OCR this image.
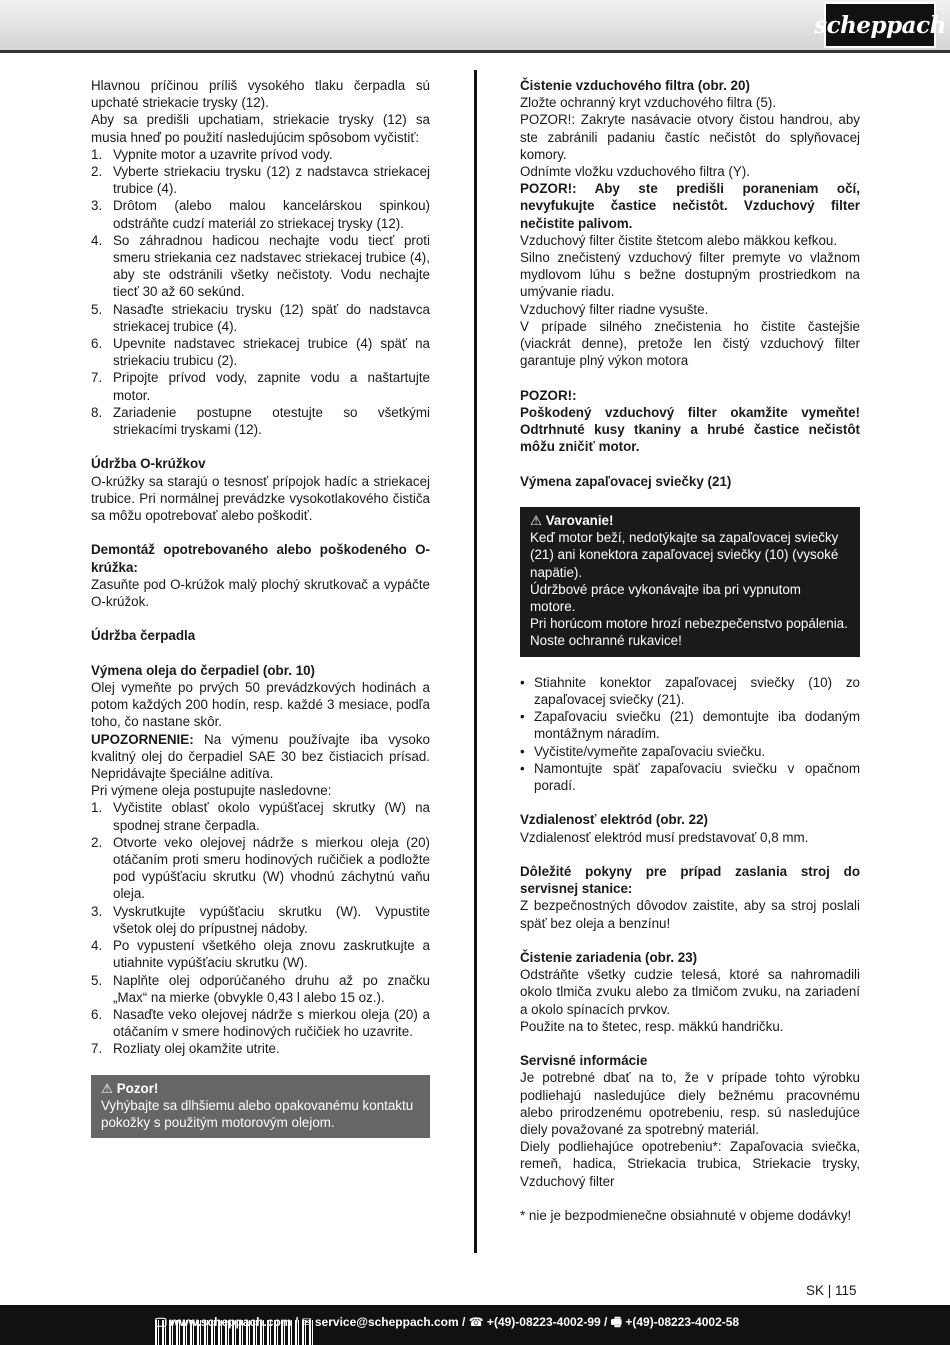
scheppach

Hlavnou príčinou príliš vysokého tlaku čerpadla sú upchaté striekacie trysky (12).

Aby sa predišli upchatiam, striekacie trysky (12) sa musia hneď po použití nasledujúcim spôsobom vyčistiť:

1. Vypnite motor a uzavrite prívod vody.
2. Vyberte striekaciu trysku (12) z nadstavca striekacej trubice (4).
3. Drôtom (alebo malou kancelárskou spinkou) odstráňte cudzí materiál zo striekacej trysky (12).
4. So záhradnou hadicou nechajte vodu tiecť proti smeru striekania cez nadstavec striekacej trubice (4), aby ste odstránili všetky nečistoty. Vodu nechajte tiecť 30 až 60 sekúnd.
5. Nasaďte striekaciu trysku (12) späť do nadstavca striekacej trubice (4).
6. Upevnite nadstavec striekacej trubice (4) späť na striekaciu trubicu (2).
7. Pripojte prívod vody, zapnite vodu a naštartujte motor.
8. Zariadenie postupne otestujte so všetkými striekacími tryskami (12).

Údržba O-krúžkov

O-krúžky sa starajú o tesnosť prípojok hadíc a striekacej trubice. Pri normálnej prevádzke vysokotlakového čističa sa môžu opotrebovať alebo poškodiť.

Demontáž opotrebovaného alebo poškodeného O-krúžka:

Zasuňte pod O-krúžok malý plochý skrutkovač a vypáčte O-krúžok.

Údržba čerpadla

Výmena oleja do čerpadiel (obr. 10)

Olej vymeňte po prvých 50 prevádzkových hodinách a potom každých 200 hodín, resp. každé 3 mesiace, podľa toho, čo nastane skôr.

UPOZORNENIE: Na výmenu používajte iba vysoko kvalitný olej do čerpadiel SAE 30 bez čistiacich prísad. Nepridávajte špeciálne aditíva.

Pri výmene oleja postupujte nasledovne:

1. Vyčistite oblasť okolo vypúšťacej skrutky (W) na spodnej strane čerpadla.
2. Otvorte veko olejovej nádrže s mierkou oleja (20) otáčaním proti smeru hodinových ručičiek a podložte pod vypúšťaciu skrutku (W) vhodnú záchytnú vaňu oleja.
3. Vyskrutkujte vypúšťaciu skrutku (W). Vypustite všetok olej do prípustnej nádoby.
4. Po vypustení všetkého oleja znovu zaskrutkujte a utiahnite vypúšťaciu skrutku (W).
5. Naplňte olej odporúčaného druhu až po značku „Max“ na mierke (obvykle 0,43 l alebo 15 oz.).
6. Nasaďte veko olejovej nádrže s mierkou oleja (20) a otáčaním v smere hodinových ručičiek ho uzavrite.
7. Rozliaty olej okamžite utrite.

⚠ Pozor!

Vyhýbajte sa dlhšiemu alebo opakovanému kontaktu pokožky s použitým motorovým olejom.

Čistenie vzduchového filtra (obr. 20)

Zložte ochranný kryt vzduchového filtra (5).

POZOR!: Zakryte nasávacie otvory čistou handrou, aby ste zabránili padaniu častíc nečistôt do splyňovacej komory.

Odnímte vložku vzduchového filtra (Y).

POZOR!: Aby ste predišli poraneniam očí, nevyfukujte častice nečistôt. Vzduchový filter nečistite palivom.

Vzduchový filter čistite štetcom alebo mäkkou kefkou.

Silno znečistený vzduchový filter premyte vo vlažnom mydlovom lúhu s bežne dostupným prostriedkom na umývanie riadu.

Vzduchový filter riadne vysušte.

V prípade silného znečistenia ho čistite častejšie (viackrát denne), pretože len čistý vzduchový filter garantuje plný výkon motora

POZOR!:

Poškodený vzduchový filter okamžite vymeňte! Odtrhnuté kusy tkaniny a hrubé častice nečistôt môžu zničiť motor.

Výmena zapaľovacej sviečky (21)

⚠ Varovanie!

Keď motor beží, nedotýkajte sa zapaľovacej sviečky (21) ani konektora zapaľovacej sviečky (10) (vysoké napätie).

Údržbové práce vykonávajte iba pri vypnutom motore.

Pri horúcom motore hrozí nebezpečenstvo popálenia. Noste ochranné rukavice!

• Stiahnite konektor zapaľovacej sviečky (10) zo zapaľovacej sviečky (21).
• Zapaľovaciu sviečku (21) demontujte iba dodaným montážnym náradím.
• Vyčistite/vymeňte zapaľovaciu sviečku.
• Namontujte späť zapaľovaciu sviečku v opačnom poradí.

Vzdialenosť elektród (obr. 22)

Vzdialenosť elektród musí predstavovať 0,8 mm.

Dôležité pokyny pre prípad zaslania stroj do servisnej stanice:

Z bezpečnostných dôvodov zaistite, aby sa stroj poslali späť bez oleja a benzínu!

Čistenie zariadenia (obr. 23)

Odstráňte všetky cudzie telesá, ktoré sa nahromadili okolo tlmiča zvuku alebo za tlmičom zvuku, na zariadení a okolo spínacích prvkov.

Použite na to štetec, resp. mäkkú handričku.

Servisné informácie

Je potrebné dbať na to, že v prípade tohto výrobku podliehajú nasledujúce diely bežnému pracovnému alebo prirodzenému opotrebeniu, resp. sú nasledujúce diely považované za spotrebný materiál.

Diely podliehajúce opotrebeniu*: Zapaľovacia sviečka, remeň, hadica, Striekacia trubica, Striekacie trysky, Vzduchový filter

* nie je bezpodmienečne obsiahnuté v objeme dodávky!

SK | 115
🖵 www.scheppach.com / ✉ service@scheppach.com / ☎ +(49)-08223-4002-99 / 🖷 +(49)-08223-4002-58
